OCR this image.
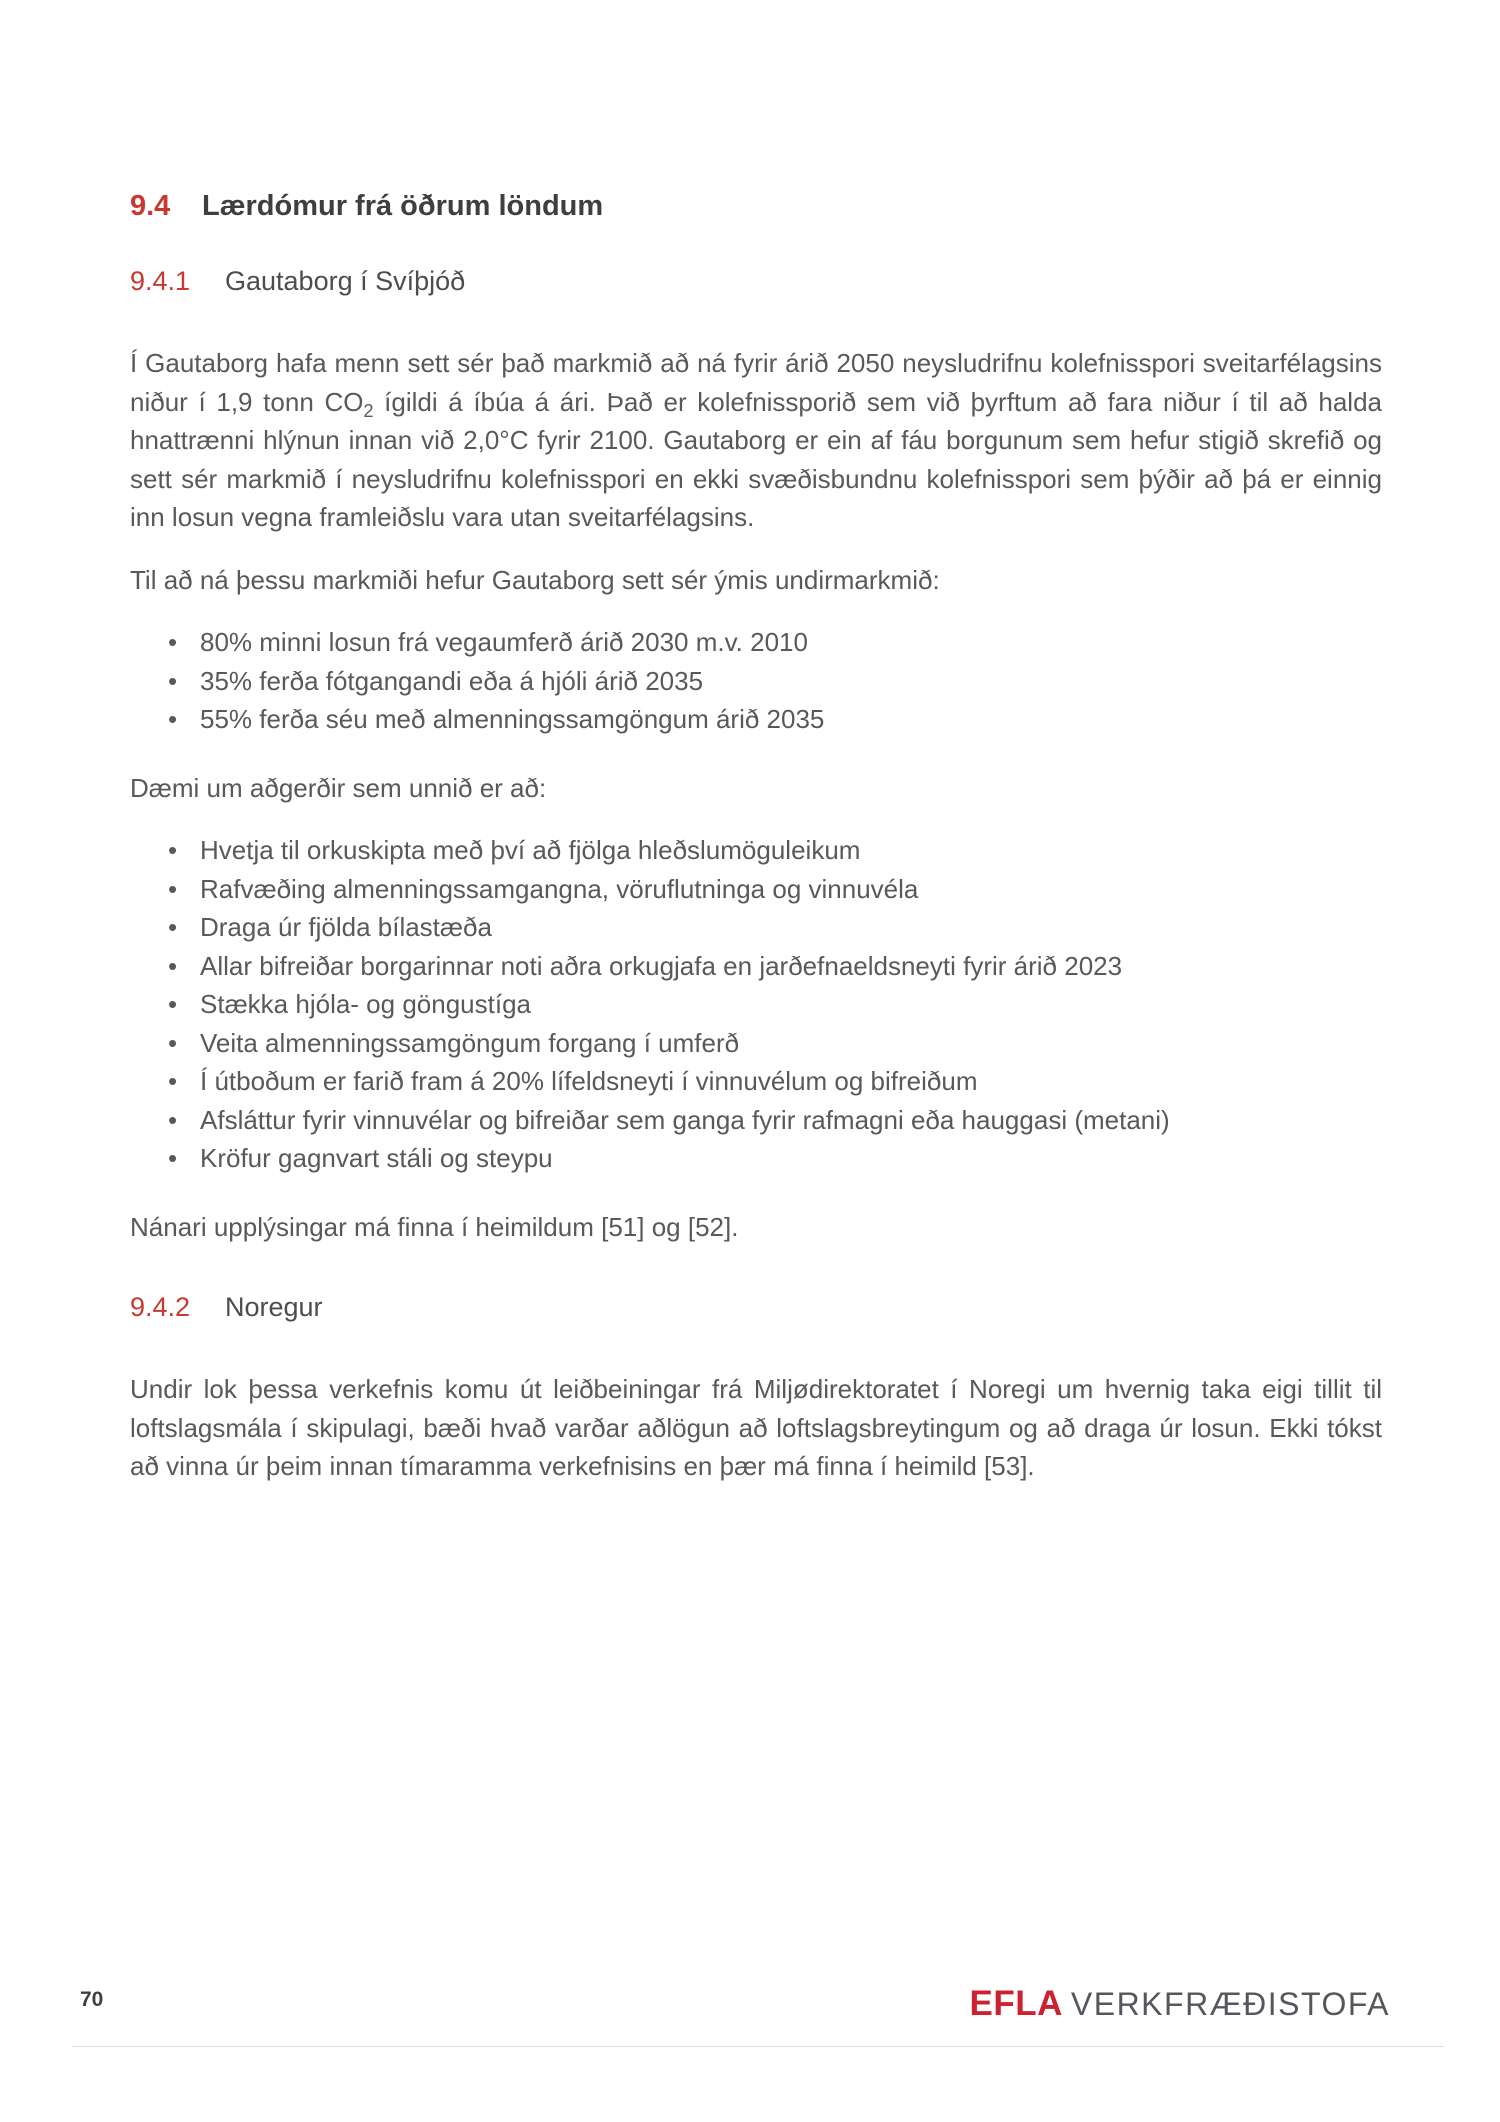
9.4 Lærdómur frá öðrum löndum
9.4.1 Gautaborg í Svíþjóð

Í Gautaborg hafa menn sett sér það markmið að ná fyrir árið 2050 neysludrifnu kolefnisspori sveitarfélagsins niður í 1,9 tonn $CO_2$ ígildi á íbúa á ári. Það er kolefnissporið sem við þyrftum að fara niður í til að halda hnattrænni hlýnun innan við 2,0°C fyrir 2100. Gautaborg er ein af fáu borgunum sem hefur stigið skrefið og sett sér markmið í neysludrifnu kolefnisspori en ekki svæðisbundnu kolefnisspori sem þýðir að þá er einnig inn losun vegna framleiðslu vara utan sveitarfélagsins.

Til að ná þessu markmiði hefur Gautaborg sett sér ýmis undirmarkmið:

• 80% minni losun frá vegaumferð árið 2030 m.v. 2010
• 35% ferða fótgangandi eða á hjóli árið 2035
• 55% ferða séu með almenningssamgöngum árið 2035

Dæmi um aðgerðir sem unnið er að:

• Hvetja til orkuskipta með því að fjölga hleðslumöguleikum
• Rafvæðing almenningssamgangna, vöruflutninga og vinnuvéla
• Draga úr fjölda bílastæða
• Allar bifreiðar borgarinnar noti aðra orkugjafa en jarðefnaeldsneyti fyrir árið 2023
• Stækka hjóla- og göngustíga
• Veita almenningssamgöngum forgang í umferð
• Í útboðum er farið fram á 20% lífeldsneyti í vinnuvélum og bifreiðum
• Afsláttur fyrir vinnuvélar og bifreiðar sem ganga fyrir rafmagni eða hauggasi (metani)
• Kröfur gagnvart stáli og steypu

Nánari upplýsingar má finna í heimildum [51] og [52].

9.4.2 Noregur

Undir lok þessa verkefnis komu út leiðbeiningar frá Miljødirektoratet í Noregi um hvernig taka eigi tillit til loftslagsmála í skipulagi, bæði hvað varðar aðlögun að loftslagsbreytingum og að draga úr losun. Ekki tókst að vinna úr þeim innan tímaramma verkefnisins en þær má finna í heimild [53].

70	EFLA VERKFRÆÐISTOFA
